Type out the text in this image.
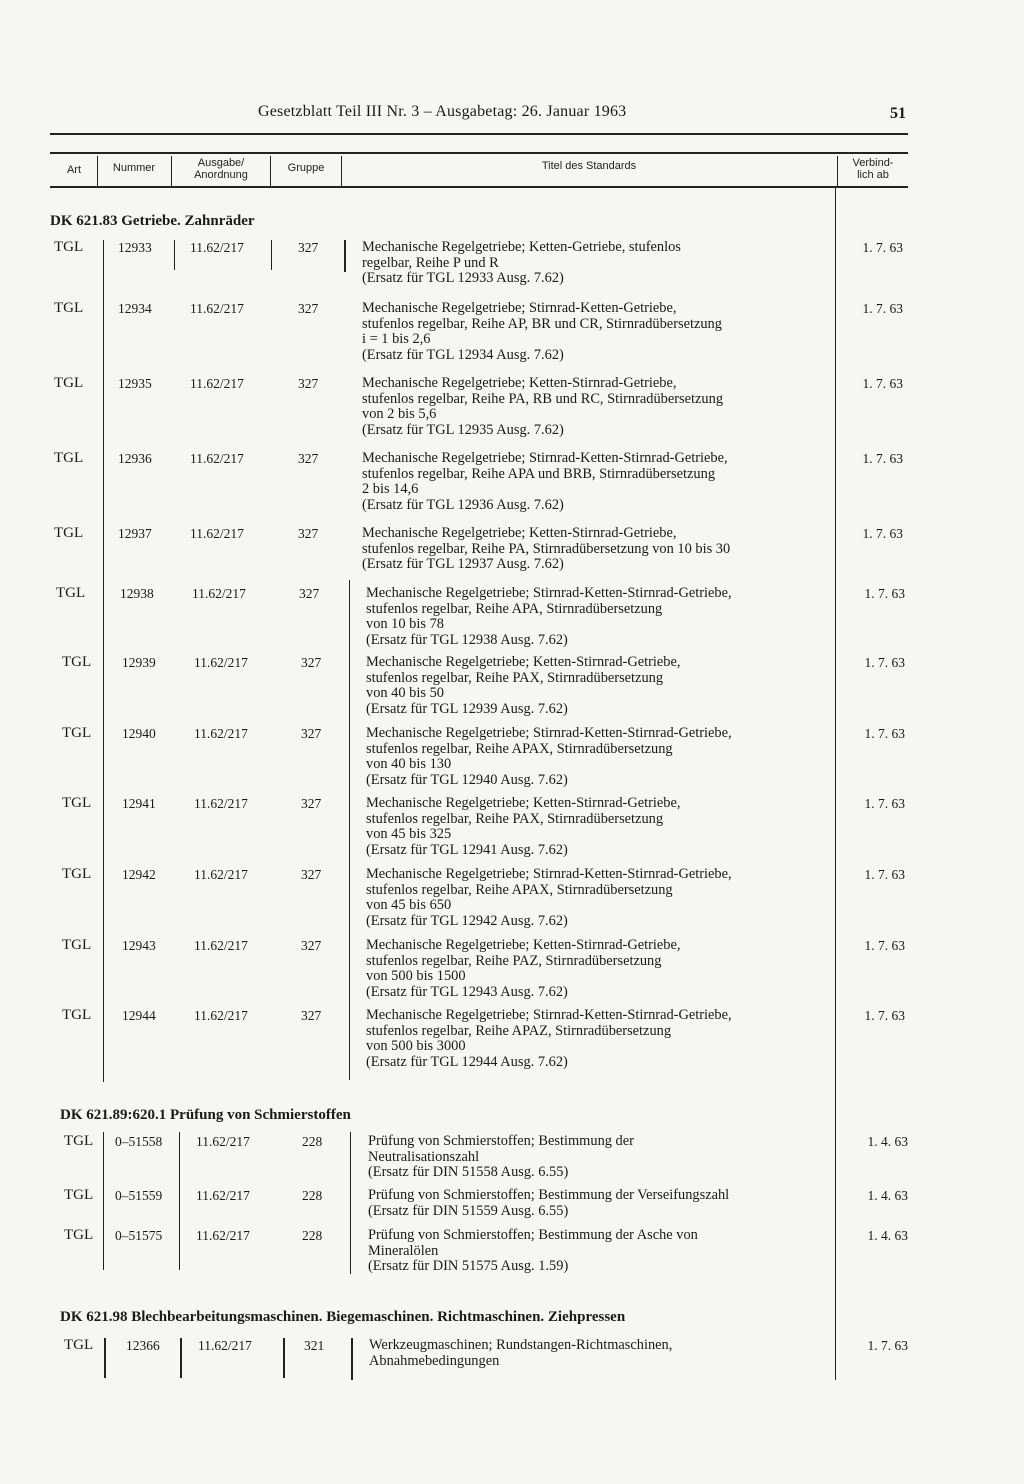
Gesetzblatt Teil III Nr. 3 – Ausgabetag: 26. Januar 1963	51
Art	Nummer	Ausgabe/
Anordnung
Gruppe	Titel des Standards	Verbind-
lich ab
DK 621.83 Getriebe. Zahnräder
TGL	12933	11.62/217	327	Mechanische Regelgetriebe; Ketten-Getriebe, stufenlos
regelbar, Reihe P und R
(Ersatz für TGL 12933 Ausg. 7.62)
1. 7. 63
TGL	12934	11.62/217	327	Mechanische Regelgetriebe; Stirnrad-Ketten-Getriebe,
stufenlos regelbar, Reihe AP, BR und CR, Stirnradübersetzung
i = 1 bis 2,6
(Ersatz für TGL 12934 Ausg. 7.62)
1. 7. 63
TGL	12935	11.62/217	327	Mechanische Regelgetriebe; Ketten-Stirnrad-Getriebe,
stufenlos regelbar, Reihe PA, RB und RC, Stirnradübersetzung
von 2 bis 5,6
(Ersatz für TGL 12935 Ausg. 7.62)
1. 7. 63
TGL	12936	11.62/217	327	Mechanische Regelgetriebe; Stirnrad-Ketten-Stirnrad-Getriebe,
stufenlos regelbar, Reihe APA und BRB, Stirnradübersetzung
2 bis 14,6
(Ersatz für TGL 12936 Ausg. 7.62)
1. 7. 63
TGL	12937	11.62/217	327	Mechanische Regelgetriebe; Ketten-Stirnrad-Getriebe,
stufenlos regelbar, Reihe PA, Stirnradübersetzung von 10 bis 30
(Ersatz für TGL 12937 Ausg. 7.62)
1. 7. 63
TGL	12938	11.62/217	327	Mechanische Regelgetriebe; Stirnrad-Ketten-Stirnrad-Getriebe,
stufenlos regelbar, Reihe APA, Stirnradübersetzung
von 10 bis 78
(Ersatz für TGL 12938 Ausg. 7.62)
1. 7. 63
TGL 12939	11.62/217	327	Mechanische Regelgetriebe; Ketten-Stirnrad-Getriebe,
stufenlos regelbar, Reihe PAX, Stirnradübersetzung
von 40 bis 50
(Ersatz für TGL 12939 Ausg. 7.62)
1. 7. 63
TGL 12940	11.62/217	327	Mechanische Regelgetriebe; Stirnrad-Ketten-Stirnrad-Getriebe,
stufenlos regelbar, Reihe APAX, Stirnradübersetzung
von 40 bis 130
(Ersatz für TGL 12940 Ausg. 7.62)
1. 7. 63
TGL 12941	11.62/217	327	Mechanische Regelgetriebe; Ketten-Stirnrad-Getriebe,
stufenlos regelbar, Reihe PAX, Stirnradübersetzung
von 45 bis 325
(Ersatz für TGL 12941 Ausg. 7.62)
1. 7. 63
TGL 12942	11.62/217	327	Mechanische Regelgetriebe; Stirnrad-Ketten-Stirnrad-Getriebe,
stufenlos regelbar, Reihe APAX, Stirnradübersetzung
von 45 bis 650
(Ersatz für TGL 12942 Ausg. 7.62)
1. 7. 63
TGL 12943	11.62/217	327	Mechanische Regelgetriebe; Ketten-Stirnrad-Getriebe,
stufenlos regelbar, Reihe PAZ, Stirnradübersetzung
von 500 bis 1500
(Ersatz für TGL 12943 Ausg. 7.62)
1. 7. 63
TGL 12944	11.62/217	327	Mechanische Regelgetriebe; Stirnrad-Ketten-Stirnrad-Getriebe,
stufenlos regelbar, Reihe APAZ, Stirnradübersetzung
von 500 bis 3000
(Ersatz für TGL 12944 Ausg. 7.62)
1. 7. 63
DK 621.89:620.1 Prüfung von Schmierstoffen
TGL 0–51558	11.62/217	228	Prüfung von Schmierstoffen; Bestimmung der
Neutralisationszahl
(Ersatz für DIN 51558 Ausg. 6.55)
1. 4. 63
TGL 0–51559	11.62/217	228	Prüfung von Schmierstoffen; Bestimmung der Verseifungszahl
(Ersatz für DIN 51559 Ausg. 6.55)
1. 4. 63
TGL 0–51575	11.62/217	228	Prüfung von Schmierstoffen; Bestimmung der Asche von
Mineralölen
(Ersatz für DIN 51575 Ausg. 1.59)
1. 4. 63
DK 621.98 Blechbearbeitungsmaschinen. Biegemaschinen. Richtmaschinen. Ziehpressen
TGL 12366	11.62/217	321	Werkzeugmaschinen; Rundstangen-Richtmaschinen,
Abnahmebedingungen
1. 7. 63
